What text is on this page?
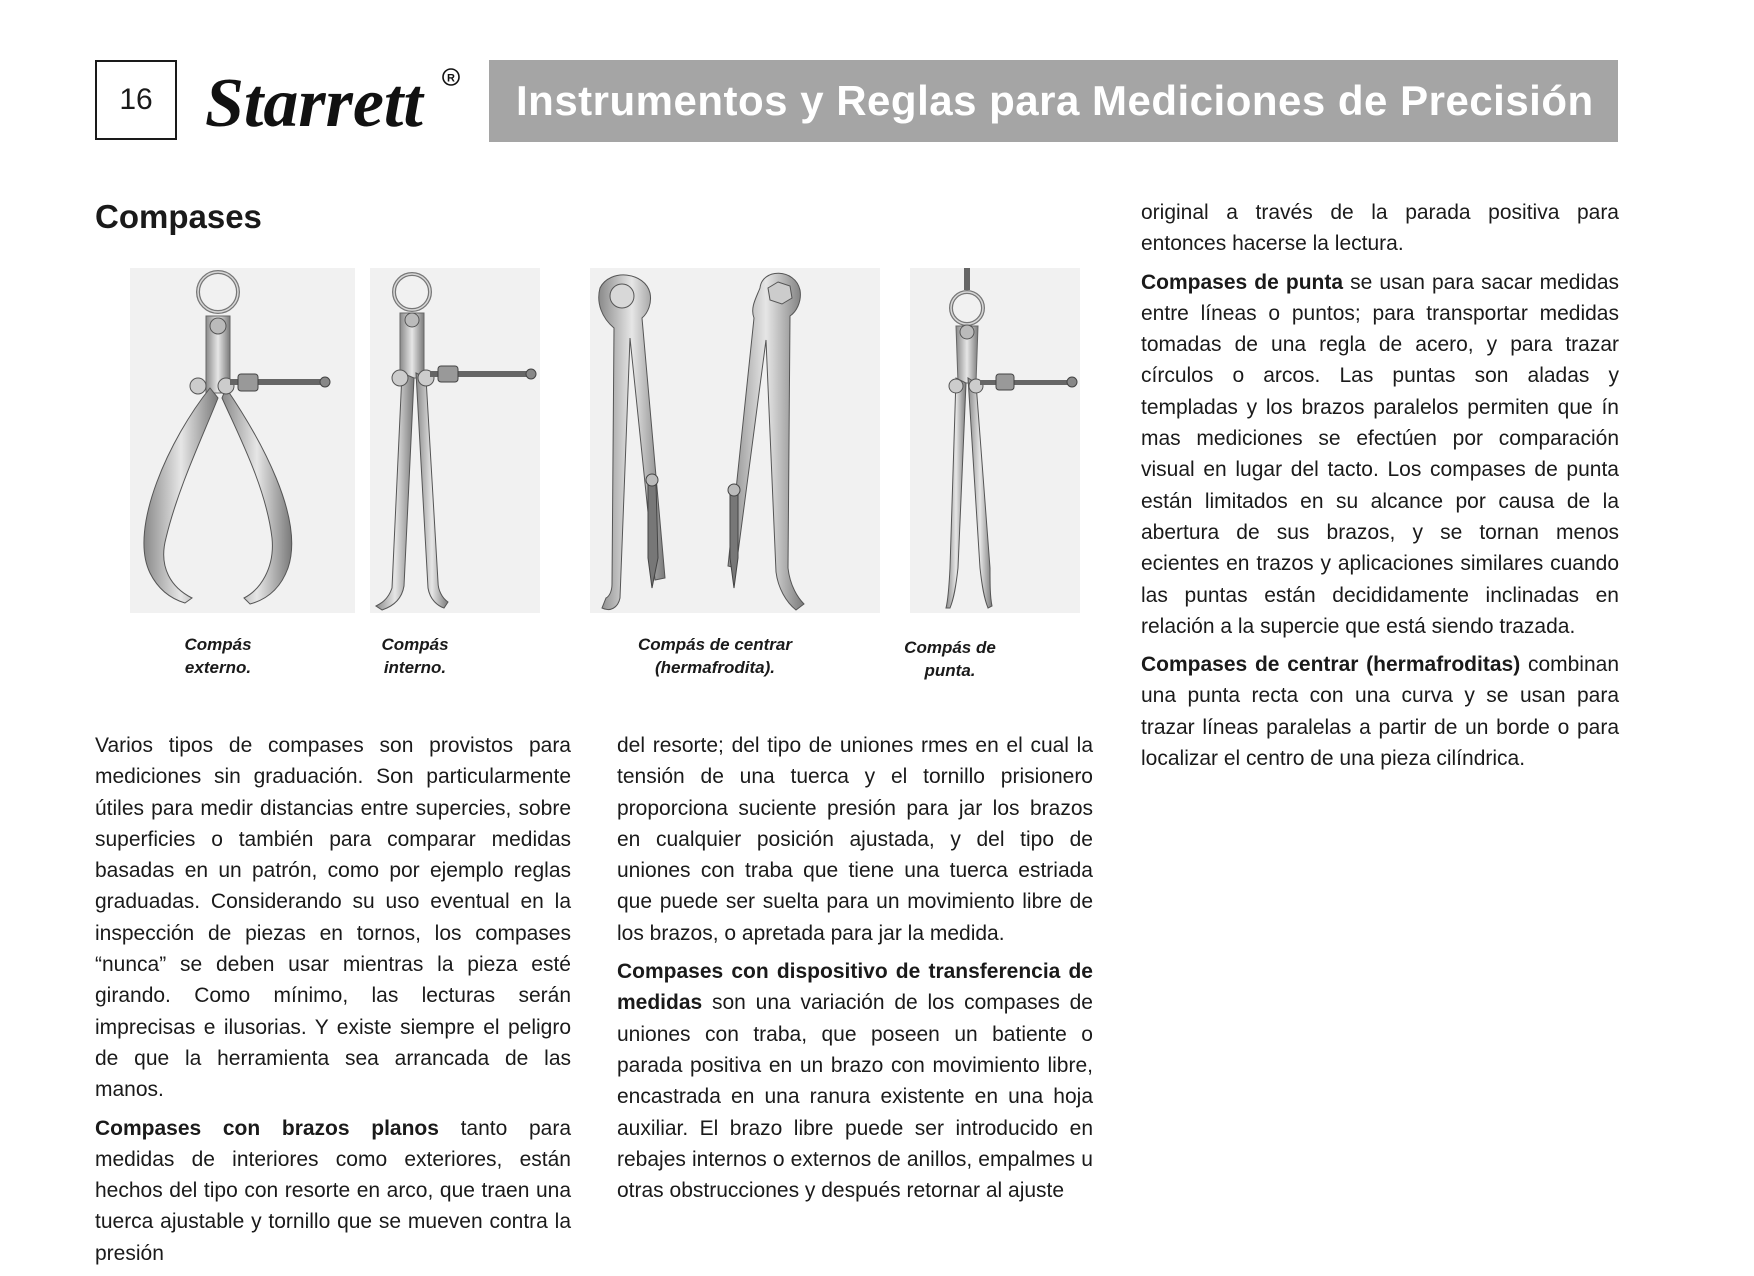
16 Starrett R Instrumentos y Reglas para Mediciones de Precisión
Compases
Compás
externo.
Compás
interno.
Compás de centrar
(hermafrodita).
Compás de
punta.

Varios tipos de compases son provistos para mediciones sin graduación. Son particularmente útiles para medir distancias entre supercies, sobre superficies o también para comparar medidas basadas en un patrón, como por ejemplo reglas graduadas. Considerando su uso eventual en la inspección de piezas en tornos, los compases “nunca” se deben usar mientras la pieza esté girando. Como mínimo, las lecturas serán imprecisas e ilusorias. Y existe siempre el peligro de que la herramienta sea arrancada de las manos.

Compases con brazos planos tanto para medidas de interiores como exteriores, están hechos del tipo con resorte en arco, que traen una tuerca ajustable y tornillo que se mueven contra la presión

del resorte; del tipo de uniones rmes en el cual la tensión de una tuerca y el tornillo prisionero proporciona suciente presión para jar los brazos en cualquier posición ajustada, y del tipo de uniones con traba que tiene una tuerca estriada que puede ser suelta para un movimiento libre de los brazos, o apretada para jar la medida.

Compases con dispositivo de transferencia de medidas son una variación de los compases de uniones con traba, que poseen un batiente o parada positiva en un brazo con movimiento libre, encastrada en una ranura existente en una hoja auxiliar. El brazo libre puede ser introducido en rebajes internos o externos de anillos, empalmes u otras obstrucciones y después retornar al ajuste

original a través de la parada positiva para entonces hacerse la lectura.

Compases de punta se usan para sacar medidas entre líneas o puntos; para transportar medidas tomadas de una regla de acero, y para trazar círculos o arcos. Las puntas son aladas y templadas y los brazos paralelos permiten que ín mas mediciones se efectúen por comparación visual en lugar del tacto. Los compases de punta están limitados en su alcance por causa de la abertura de sus brazos, y se tornan menos ecientes en trazos y aplicaciones similares cuando las puntas están decididamente inclinadas en relación a la supercie que está siendo trazada.

Compases de centrar (hermafroditas) combinan una punta recta con una curva y se usan para trazar líneas paralelas a partir de un borde o para localizar el centro de una pieza cilíndrica.
